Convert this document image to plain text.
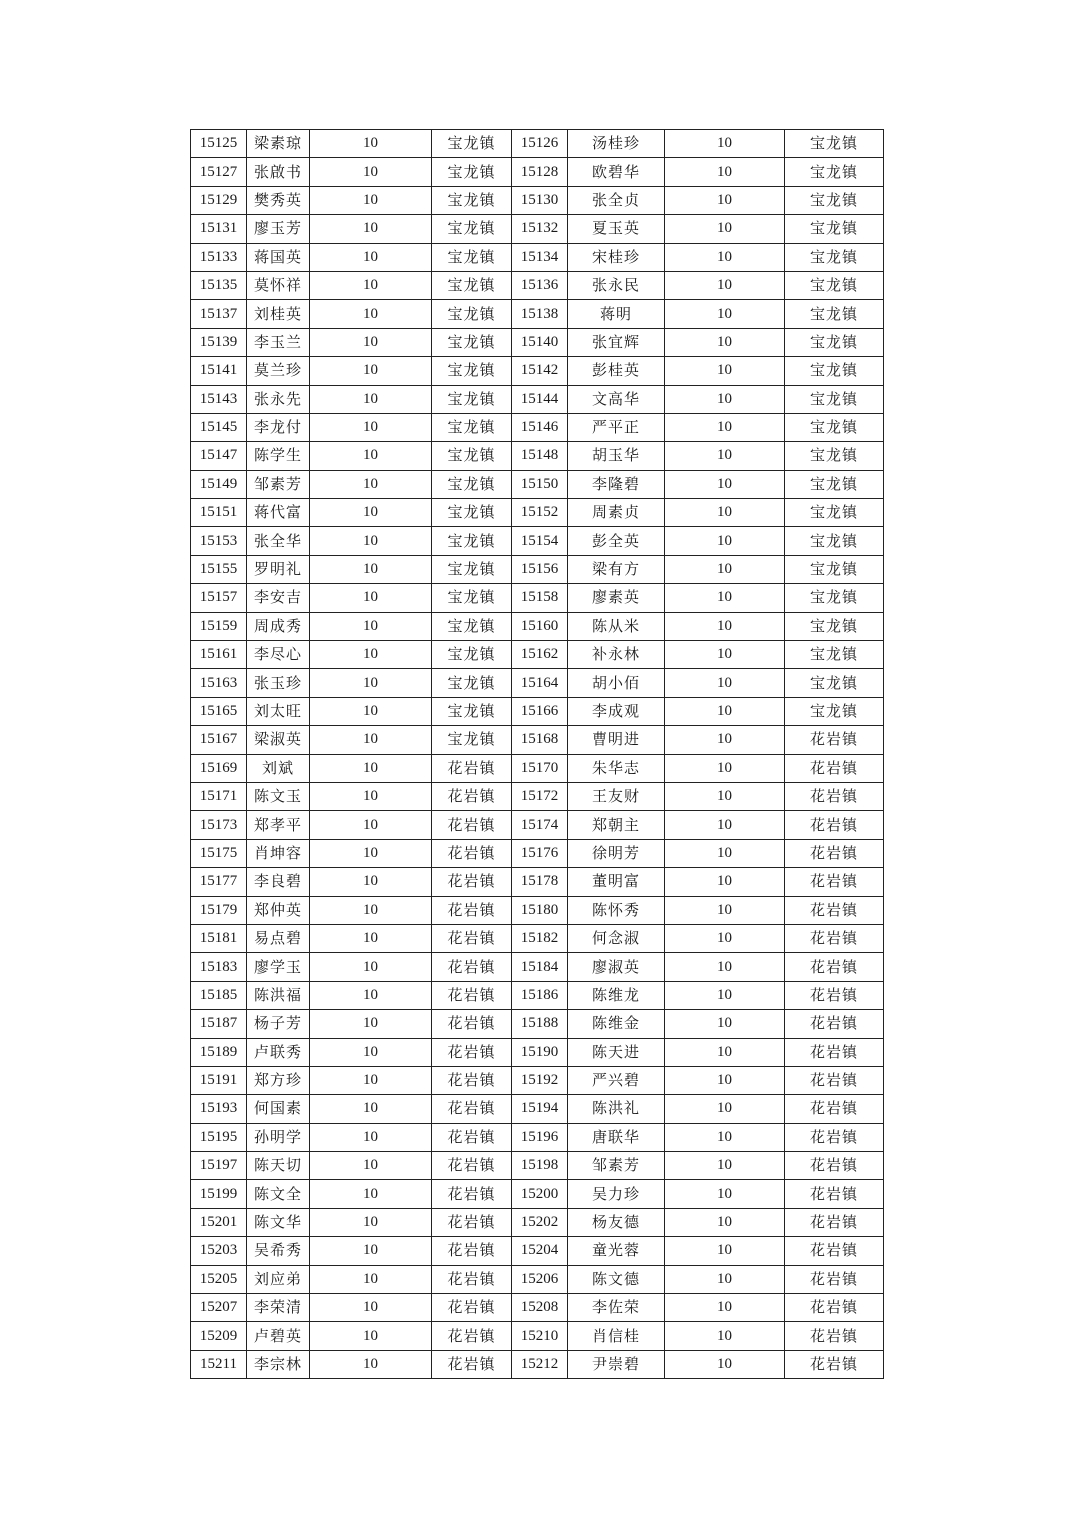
15125	梁素琼	10	宝龙镇	15126	汤桂珍	10	宝龙镇
15127	张啟书	10	宝龙镇	15128	欧碧华	10	宝龙镇
15129	樊秀英	10	宝龙镇	15130	张全贞	10	宝龙镇
15131	廖玉芳	10	宝龙镇	15132	夏玉英	10	宝龙镇
15133	蒋国英	10	宝龙镇	15134	宋桂珍	10	宝龙镇
15135	莫怀祥	10	宝龙镇	15136	张永民	10	宝龙镇
15137	刘桂英	10	宝龙镇	15138	蒋明	10	宝龙镇
15139	李玉兰	10	宝龙镇	15140	张宜辉	10	宝龙镇
15141	莫兰珍	10	宝龙镇	15142	彭桂英	10	宝龙镇
15143	张永先	10	宝龙镇	15144	文高华	10	宝龙镇
15145	李龙付	10	宝龙镇	15146	严平正	10	宝龙镇
15147	陈学生	10	宝龙镇	15148	胡玉华	10	宝龙镇
15149	邹素芳	10	宝龙镇	15150	李隆碧	10	宝龙镇
15151	蒋代富	10	宝龙镇	15152	周素贞	10	宝龙镇
15153	张全华	10	宝龙镇	15154	彭全英	10	宝龙镇
15155	罗明礼	10	宝龙镇	15156	梁有方	10	宝龙镇
15157	李安吉	10	宝龙镇	15158	廖素英	10	宝龙镇
15159	周成秀	10	宝龙镇	15160	陈从米	10	宝龙镇
15161	李尽心	10	宝龙镇	15162	补永林	10	宝龙镇
15163	张玉珍	10	宝龙镇	15164	胡小佰	10	宝龙镇
15165	刘太旺	10	宝龙镇	15166	李成观	10	宝龙镇
15167	梁淑英	10	宝龙镇	15168	曹明进	10	花岩镇
15169	刘斌	10	花岩镇	15170	朱华志	10	花岩镇
15171	陈文玉	10	花岩镇	15172	王友财	10	花岩镇
15173	郑孝平	10	花岩镇	15174	郑朝主	10	花岩镇
15175	肖坤容	10	花岩镇	15176	徐明芳	10	花岩镇
15177	李良碧	10	花岩镇	15178	董明富	10	花岩镇
15179	郑仲英	10	花岩镇	15180	陈怀秀	10	花岩镇
15181	易点碧	10	花岩镇	15182	何念淑	10	花岩镇
15183	廖学玉	10	花岩镇	15184	廖淑英	10	花岩镇
15185	陈洪福	10	花岩镇	15186	陈维龙	10	花岩镇
15187	杨子芳	10	花岩镇	15188	陈维金	10	花岩镇
15189	卢联秀	10	花岩镇	15190	陈天进	10	花岩镇
15191	郑方珍	10	花岩镇	15192	严兴碧	10	花岩镇
15193	何国素	10	花岩镇	15194	陈洪礼	10	花岩镇
15195	孙明学	10	花岩镇	15196	唐联华	10	花岩镇
15197	陈天切	10	花岩镇	15198	邹素芳	10	花岩镇
15199	陈文全	10	花岩镇	15200	吴力珍	10	花岩镇
15201	陈文华	10	花岩镇	15202	杨友德	10	花岩镇
15203	吴希秀	10	花岩镇	15204	童光蓉	10	花岩镇
15205	刘应弟	10	花岩镇	15206	陈文德	10	花岩镇
15207	李荣清	10	花岩镇	15208	李佐荣	10	花岩镇
15209	卢碧英	10	花岩镇	15210	肖信桂	10	花岩镇
15211	李宗林	10	花岩镇	15212	尹崇碧	10	花岩镇
